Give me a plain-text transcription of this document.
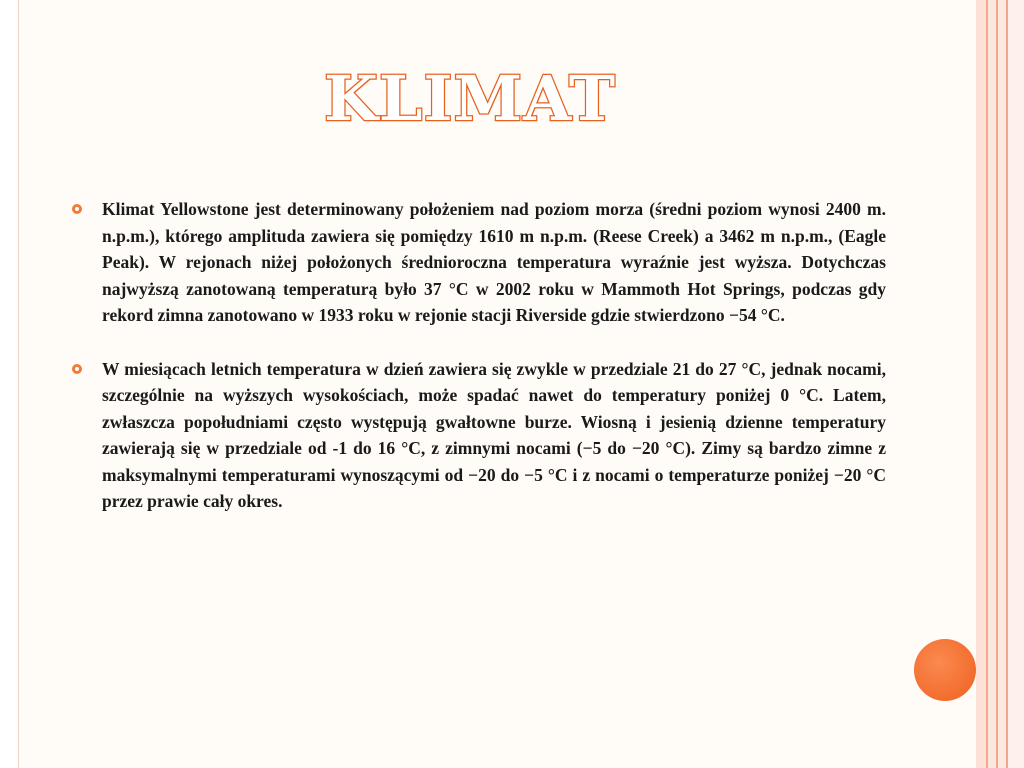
KLIMAT
Klimat Yellowstone jest determinowany położeniem nad poziom morza (średni poziom wynosi 2400 m. n.p.m.), którego amplituda zawiera się pomiędzy 1610 m n.p.m. (Reese Creek) a 3462 m n.p.m., (Eagle Peak). W rejonach niżej położonych średnioroczna temperatura wyraźnie jest wyższa. Dotychczas najwyższą zanotowaną temperaturą było 37 °C w 2002 roku w Mammoth Hot Springs, podczas gdy rekord zimna zanotowano w 1933 roku w rejonie stacji Riverside gdzie stwierdzono −54 °C.
W miesiącach letnich temperatura w dzień zawiera się zwykle w przedziale 21 do 27 °C, jednak nocami, szczególnie na wyższych wysokościach, może spadać nawet do temperatury poniżej 0 °C. Latem, zwłaszcza popołudniami często występują gwałtowne burze. Wiosną i jesienią dzienne temperatury zawierają się w przedziale od -1 do 16 °C, z zimnymi nocami (−5 do −20 °C). Zimy są bardzo zimne z maksymalnymi temperaturami wynoszącymi od −20 do −5 °C i z nocami o temperaturze poniżej −20 °C przez prawie cały okres.
